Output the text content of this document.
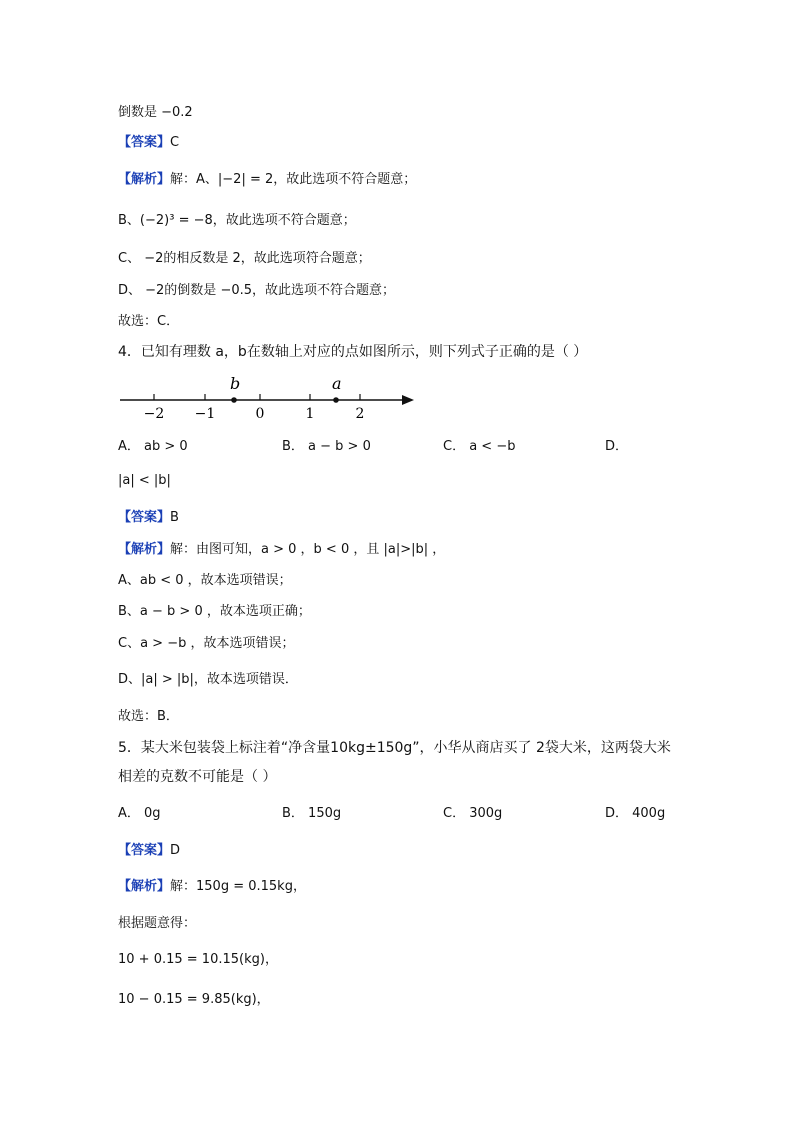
倒数是 −0.2
【答案】C
【解析】解：A、|−2| = 2，故此选项不符合题意；
B、(−2)³ = −8，故此选项不符合题意；
C、 −2的相反数是 2，故此选项符合题意；
D、 −2的倒数是 −0.5，故此选项不符合题意；
故选：C．
4．已知有理数 a，b在数轴上对应的点如图所示，则下列式子正确的是（ ）
b	a
−2 −1	0	1	2
A． ab > 0	B． a − b > 0	C． a < −b	D．
|a| < |b|
【答案】B
【解析】解：由图可知，a > 0 ，b < 0 ，且 |a|>|b| ，
A、ab < 0 ，故本选项错误；
B、a − b > 0 ，故本选项正确；
C、a > −b ，故本选项错误；
D、|a| > |b|，故本选项错误．
故选：B．
5．某大米包装袋上标注着“净含量10kg±150g”，小华从商店买了 2袋大米，这两袋大米
相差的克数不可能是（ ）
A． 0g	B． 150g	C． 300g	D． 400g
【答案】D
【解析】解：150g = 0.15kg，
根据题意得：
10 + 0.15 = 10.15(kg)，
10 − 0.15 = 9.85(kg)，
